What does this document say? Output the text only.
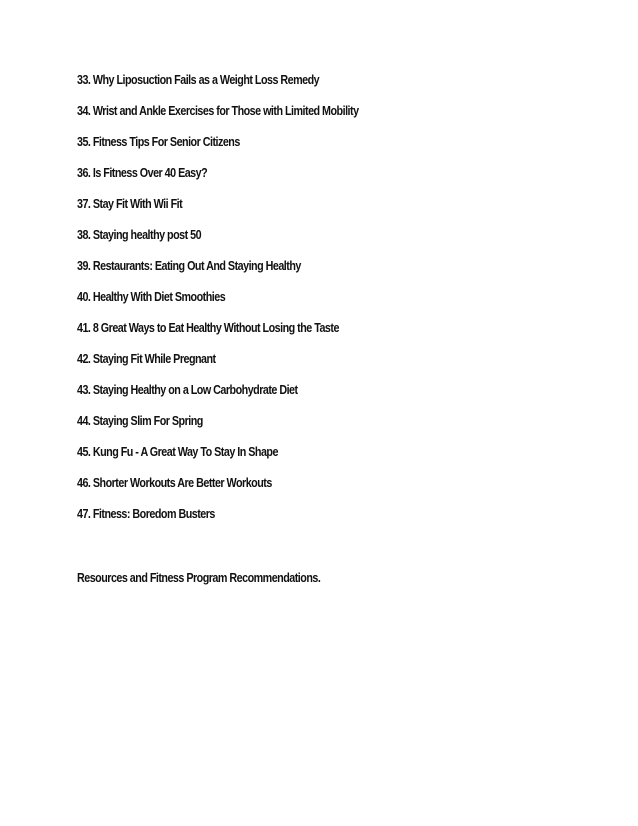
33. Why Liposuction Fails as a Weight Loss Remedy
34. Wrist and Ankle Exercises for Those with Limited Mobility
35. Fitness Tips For Senior Citizens
36. Is Fitness Over 40 Easy?
37. Stay Fit With Wii Fit
38. Staying healthy post 50
39. Restaurants: Eating Out And Staying Healthy
40. Healthy With Diet Smoothies
41. 8 Great Ways to Eat Healthy Without Losing the Taste
42. Staying Fit While Pregnant
43. Staying Healthy on a Low Carbohydrate Diet
44. Staying Slim For Spring
45. Kung Fu - A Great Way To Stay In Shape
46. Shorter Workouts Are Better Workouts
47. Fitness: Boredom Busters
Resources and Fitness Program Recommendations.
